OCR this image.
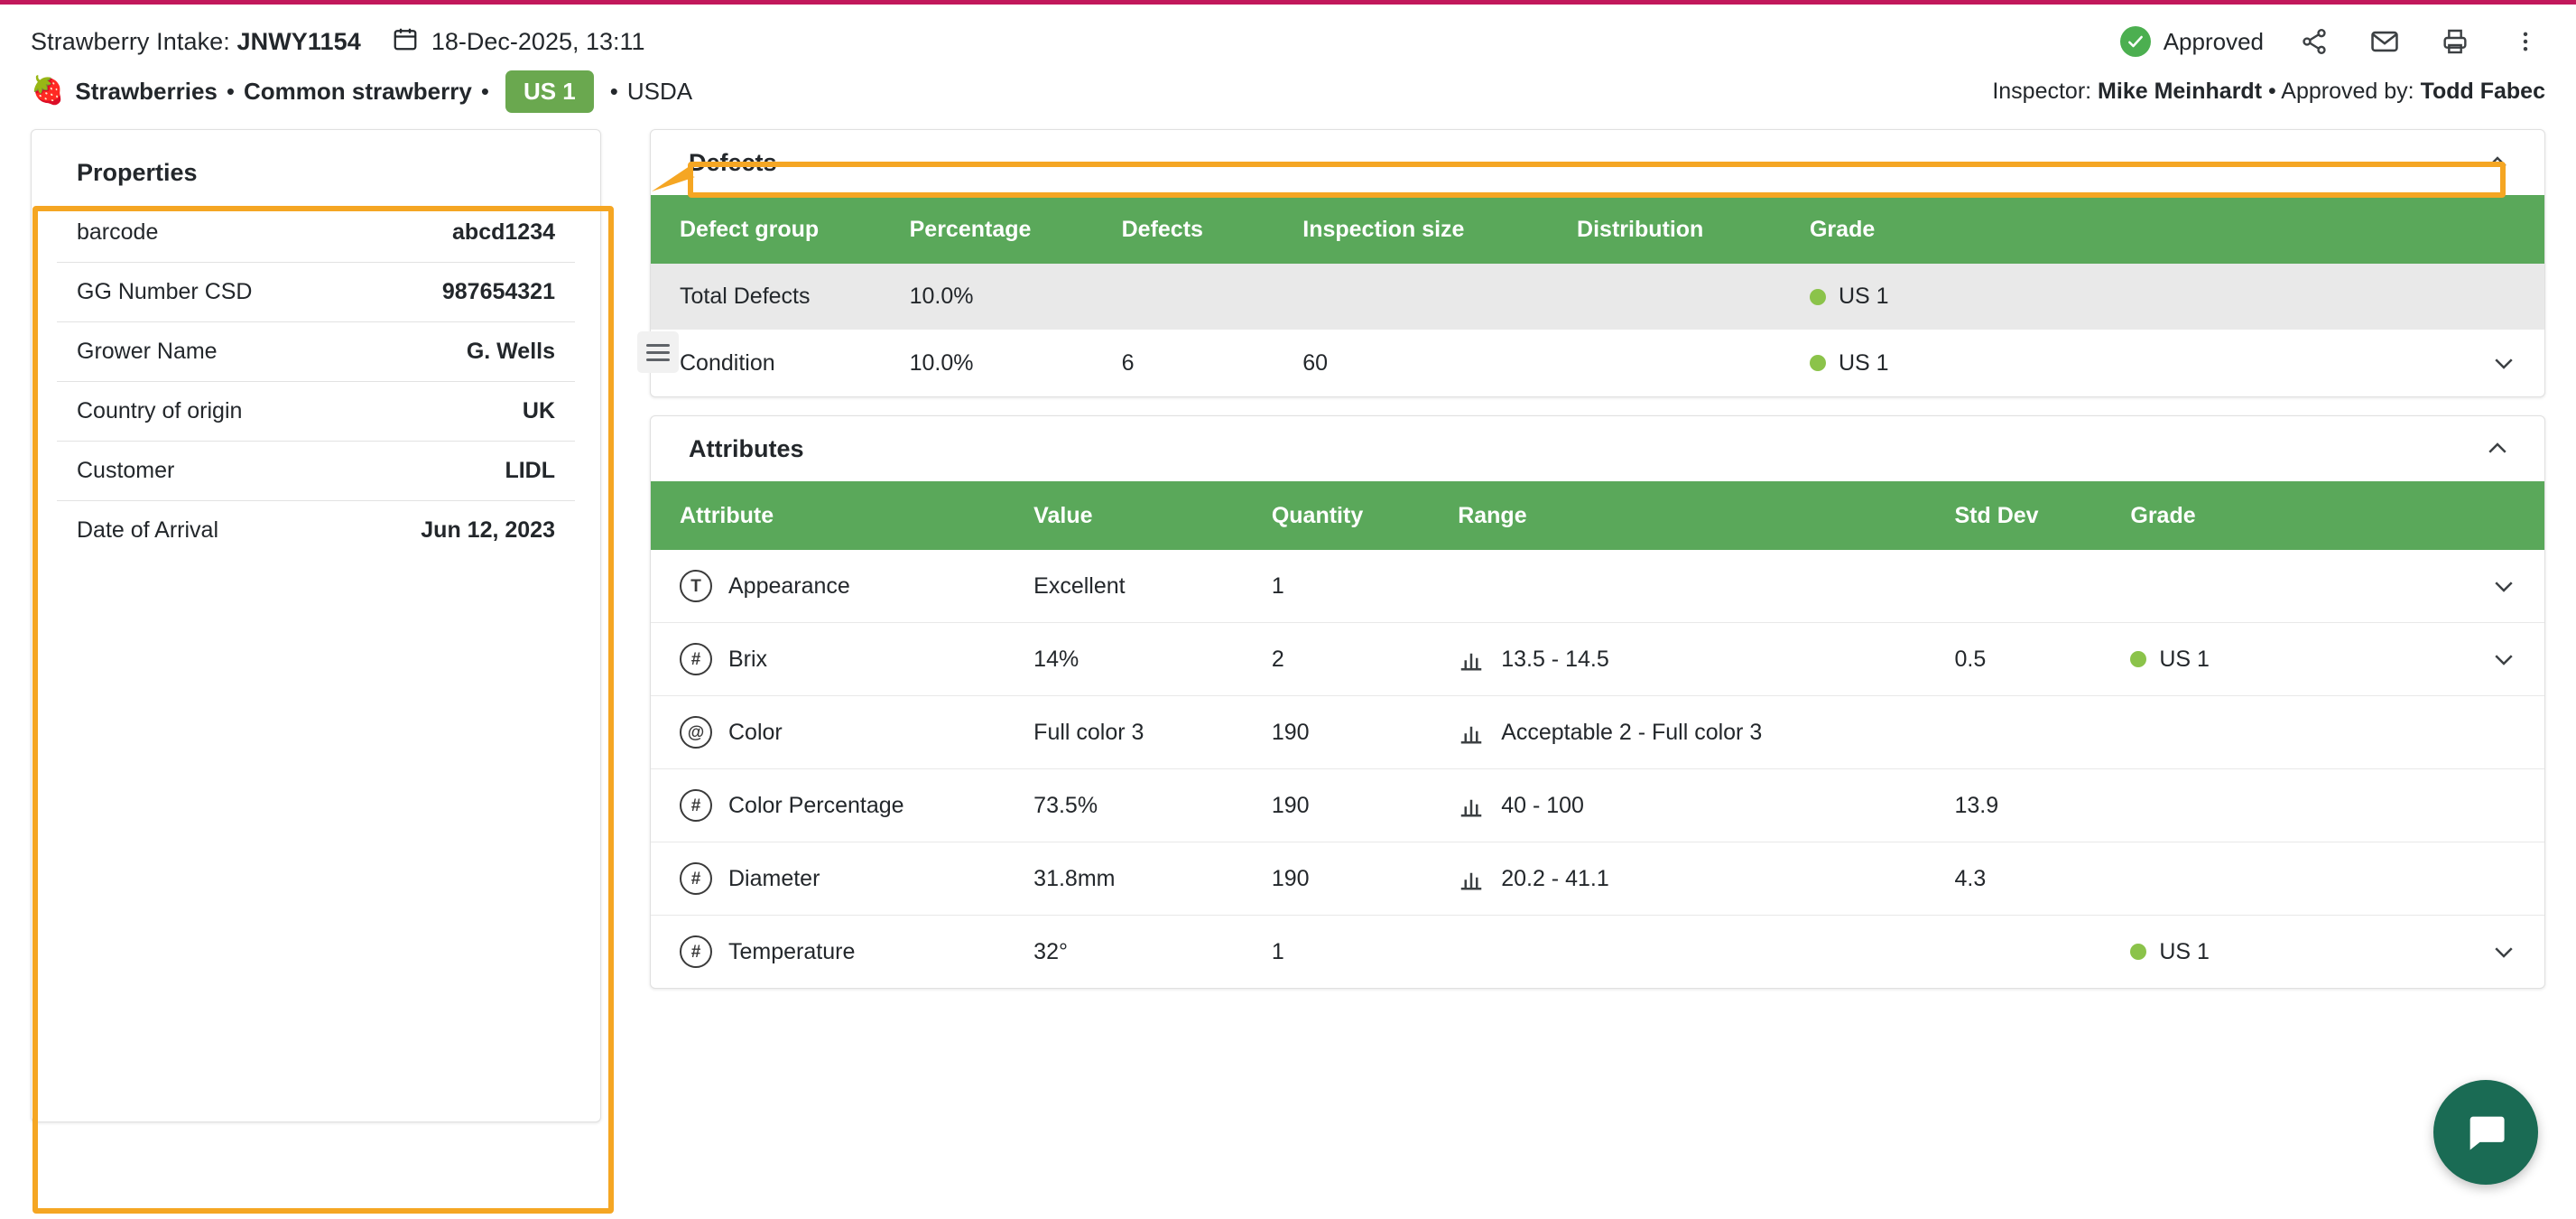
Strawberry Intake: JNWY1154	18-Dec-2025, 13:11	Approved
🍓 Strawberries • Common strawberry •	US 1	• USDA	Inspector: Mike Meinhardt • Approved by: Todd Fabec
Properties
barcode	abcd1234
GG Number CSD	987654321
Grower Name	G. Wells
Country of origin	UK
Customer	LIDL
Date of Arrival	Jun 12, 2023
Defects
Defect group	Percentage	Defects	Inspection size	Distribution	Grade	
Total Defects	10.0%				US 1	

Condition	10.0%	6	60		US 1

Attributes
Attribute	Value	Quantity	Range	Std Dev	Grade	

T Appearance	Excellent	1				

# Brix	14%	2	13.5 - 14.5	0.5	US 1

@ Color	Full color 3	190	Acceptable 2 - Full color 3			

# Color Percentage	73.5%	190	40 - 100	13.9		

# Diameter	31.8mm	190	20.2 - 41.1	4.3		

# Temperature	32°	1			US 1
